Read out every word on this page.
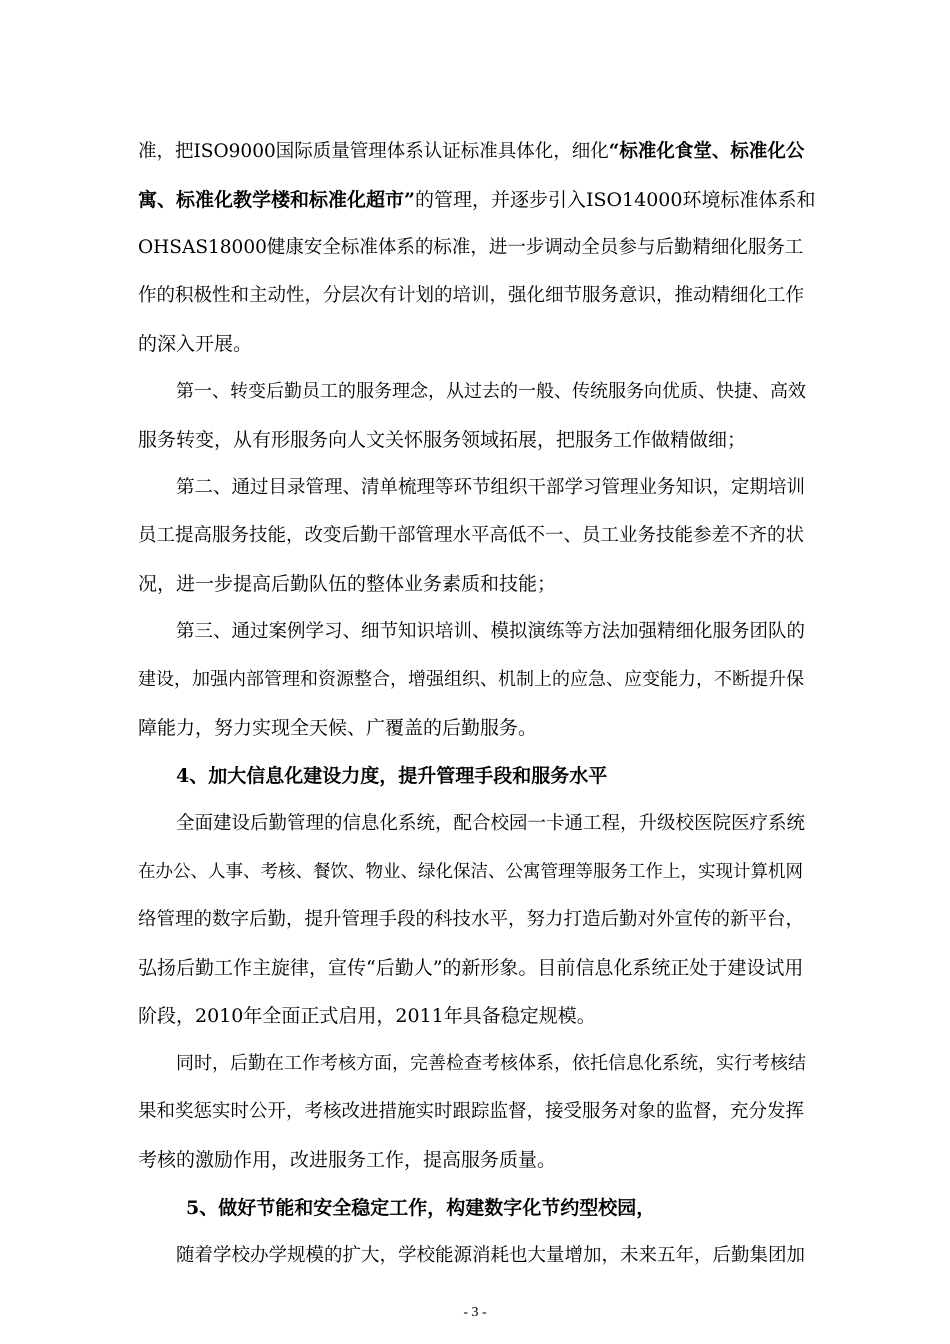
准，把ISO9000国际质量管理体系认证标准具体化，细化“标准化食堂、标准化公
寓、标准化教学楼和标准化超市”的管理，并逐步引入ISO14000环境标准体系和
OHSAS18000健康安全标准体系的标准，进一步调动全员参与后勤精细化服务工
作的积极性和主动性，分层次有计划的培训，强化细节服务意识，推动精细化工作
的深入开展。
第一、转变后勤员工的服务理念，从过去的一般、传统服务向优质、快捷、高效
服务转变，从有形服务向人文关怀服务领域拓展，把服务工作做精做细；
第二、通过目录管理、清单梳理等环节组织干部学习管理业务知识，定期培训
员工提高服务技能，改变后勤干部管理水平高低不一、员工业务技能参差不齐的状
况，进一步提高后勤队伍的整体业务素质和技能；
第三、通过案例学习、细节知识培训、模拟演练等方法加强精细化服务团队的
建设，加强内部管理和资源整合，增强组织、机制上的应急、应变能力，不断提升保
障能力，努力实现全天候、广覆盖的后勤服务。
4、加大信息化建设力度，提升管理手段和服务水平
全面建设后勤管理的信息化系统，配合校园一卡通工程，升级校医院医疗系统
在办公、人事、考核、餐饮、物业、绿化保洁、公寓管理等服务工作上，实现计算机网
络管理的数字后勤，提升管理手段的科技水平，努力打造后勤对外宣传的新平台，
弘扬后勤工作主旋律，宣传“后勤人”的新形象。目前信息化系统正处于建设试用
阶段，2010年全面正式启用，2011年具备稳定规模。
同时，后勤在工作考核方面，完善检查考核体系，依托信息化系统，实行考核结
果和奖惩实时公开，考核改进措施实时跟踪监督，接受服务对象的监督，充分发挥
考核的激励作用，改进服务工作，提高服务质量。
5、做好节能和安全稳定工作，构建数字化节约型校园，
随着学校办学规模的扩大，学校能源消耗也大量增加，未来五年，后勤集团加
- 3 -
